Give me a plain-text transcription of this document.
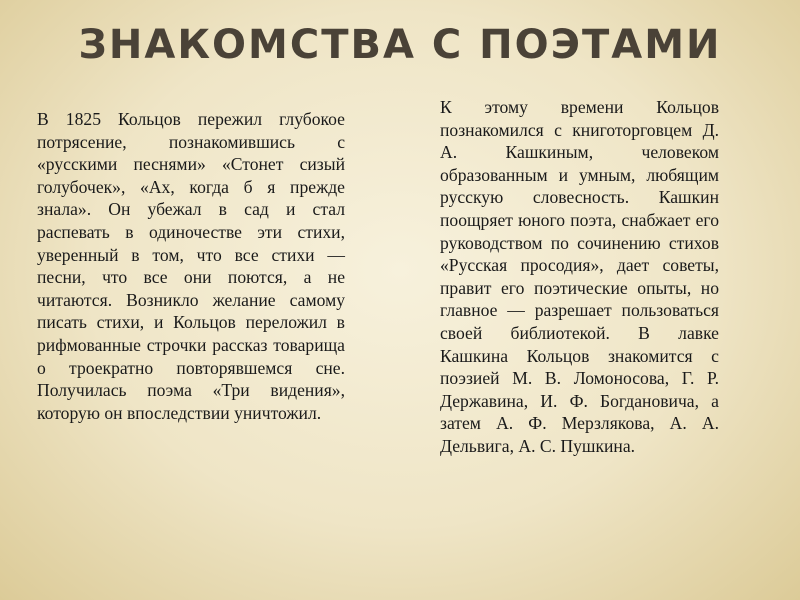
ЗНАКОМСТВА С ПОЭТАМИ
В 1825 Кольцов пережил глубокое потрясение, познакомившись с «русскими песнями» «Стонет сизый голубочек», «Ах, когда б я прежде знала». Он убежал в сад и стал распевать в одиночестве эти стихи, уверенный в том, что все стихи — песни, что все они поются, а не читаются. Возникло желание самому писать стихи, и Кольцов переложил в рифмованные строчки рассказ товарища о троекратно повторявшемся сне. Получилась поэма «Три видения», которую он впоследствии уничтожил.
К этому времени Кольцов познакомился с книготорговцем Д. А. Кашкиным, человеком образованным и умным, любящим русскую словесность. Кашкин поощряет юного поэта, снабжает его руководством по сочинению стихов «Русская просодия», дает советы, правит его поэтические опыты, но главное — разрешает пользоваться своей библиотекой. В лавке Кашкина Кольцов знакомится с поэзией М. В. Ломоносова, Г. Р. Державина, И. Ф. Богдановича, а затем А. Ф. Мерзлякова, А. А. Дельвига, А. С. Пушкина.
